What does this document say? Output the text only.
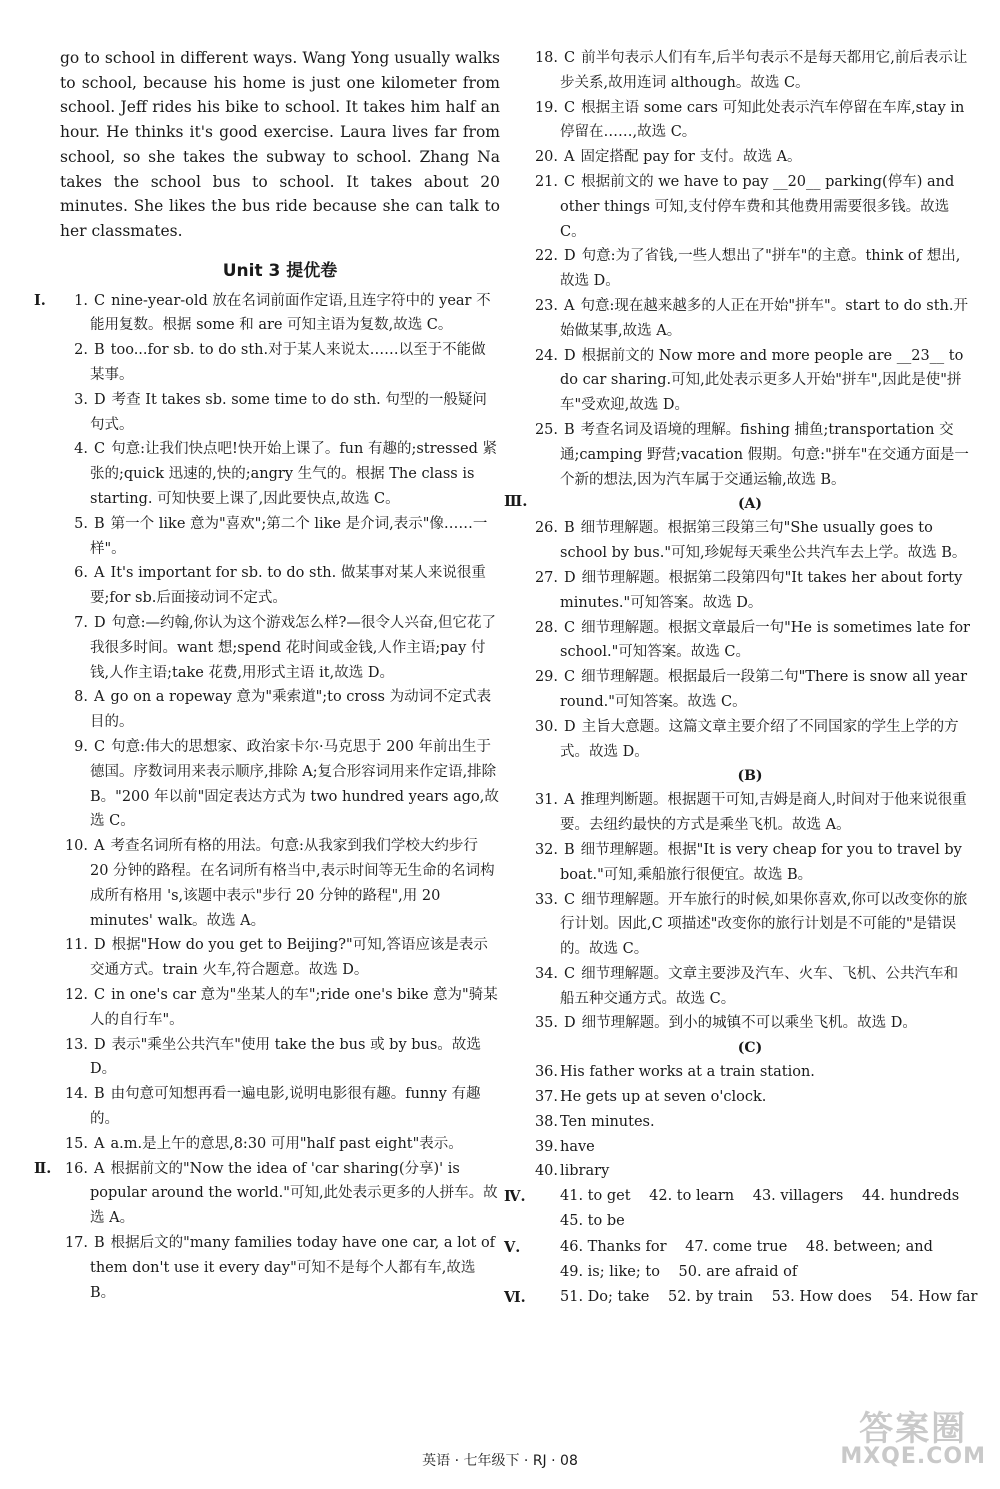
go to school in different ways. Wang Yong usually walks to school, because his home is just one kilometer from school. Jeff rides his bike to school. It takes him half an hour. He thinks it's good exercise. Laura lives far from school, so she takes the subway to school. Zhang Na takes the school bus to school. It takes about 20 minutes. She likes the bus ride because she can talk to her classmates.

Unit 3 提优卷

Ⅰ.	1. C nine-year-old 放在名词前面作定语,且连字符中的 year 不能用复数。根据 some 和 are 可知主语为复数,故选 C。

2. B too...for sb. to do sth.对于某人来说太……以至于不能做某事。

3. D 考查 It takes sb. some time to do sth. 句型的一般疑问句式。

4. C 句意:让我们快点吧!快开始上课了。fun 有趣的;stressed 紧张的;quick 迅速的,快的;angry 生气的。根据 The class is starting. 可知快要上课了,因此要快点,故选 C。

5. B 第一个 like 意为"喜欢";第二个 like 是介词,表示"像……一样"。

6. A It's important for sb. to do sth. 做某事对某人来说很重要;for sb.后面接动词不定式。

7. D 句意:—约翰,你认为这个游戏怎么样?—很令人兴奋,但它花了我很多时间。want 想;spend 花时间或金钱,人作主语;pay 付钱,人作主语;take 花费,用形式主语 it,故选 D。

8. A go on a ropeway 意为"乘索道";to cross 为动词不定式表目的。

9. C 句意:伟大的思想家、政治家卡尔·马克思于 200 年前出生于德国。序数词用来表示顺序,排除 A;复合形容词用来作定语,排除 B。"200 年以前"固定表达方式为 two hundred years ago,故选 C。

10. A 考查名词所有格的用法。句意:从我家到我们学校大约步行 20 分钟的路程。在名词所有格当中,表示时间等无生命的名词构成所有格用 's,该题中表示"步行 20 分钟的路程",用 20 minutes' walk。故选 A。

11. D 根据"How do you get to Beijing?"可知,答语应该是表示交通方式。train 火车,符合题意。故选 D。

12. C in one's car 意为"坐某人的车";ride one's bike 意为"骑某人的自行车"。

13. D 表示"乘坐公共汽车"使用 take the bus 或 by bus。故选 D。

14. B 由句意可知想再看一遍电影,说明电影很有趣。funny 有趣的。

15. A a.m.是上午的意思,8:30 可用"half past eight"表示。

Ⅱ. 16. A 根据前文的"Now the idea of 'car sharing(分享)' is popular around the world."可知,此处表示更多的人拼车。故选 A。

17. B 根据后文的"many families today have one car, a lot of them don't use it every day"可知不是每个人都有车,故选 B。

18. C 前半句表示人们有车,后半句表示不是每天都用它,前后表示让步关系,故用连词 although。故选 C。

19. C 根据主语 some cars 可知此处表示汽车停留在车库,stay in 停留在……,故选 C。

20. A 固定搭配 pay for 支付。故选 A。

21. C 根据前文的 we have to pay __20__ parking(停车) and other things 可知,支付停车费和其他费用需要很多钱。故选 C。

22. D 句意:为了省钱,一些人想出了"拼车"的主意。think of 想出,故选 D。

23. A 句意:现在越来越多的人正在开始"拼车"。start to do sth.开始做某事,故选 A。

24. D 根据前文的 Now more and more people are __23__ to do car sharing.可知,此处表示更多人开始"拼车",因此是使"拼车"受欢迎,故选 D。

25. B 考查名词及语境的理解。fishing 捕鱼;transportation 交通;camping 野营;vacation 假期。句意:"拼车"在交通方面是一个新的想法,因为汽车属于交通运输,故选 B。

Ⅲ.	(A)

26. B 细节理解题。根据第三段第三句"She usually goes to school by bus."可知,珍妮每天乘坐公共汽车去上学。故选 B。

27. D 细节理解题。根据第二段第四句"It takes her about forty minutes."可知答案。故选 D。

28. C 细节理解题。根据文章最后一句"He is sometimes late for school."可知答案。故选 C。

29. C 细节理解题。根据最后一段第二句"There is snow all year round."可知答案。故选 C。

30. D 主旨大意题。这篇文章主要介绍了不同国家的学生上学的方式。故选 D。

(B)

31. A 推理判断题。根据题干可知,吉姆是商人,时间对于他来说很重要。去纽约最快的方式是乘坐飞机。故选 A。

32. B 细节理解题。根据"It is very cheap for you to travel by boat."可知,乘船旅行很便宜。故选 B。

33. C 细节理解题。开车旅行的时候,如果你喜欢,你可以改变你的旅行计划。因此,C 项描述"改变你的旅行计划是不可能的"是错误的。故选 C。

34. C 细节理解题。文章主要涉及汽车、火车、飞机、公共汽车和船五种交通方式。故选 C。

35. D 细节理解题。到小的城镇不可以乘坐飞机。故选 D。

(C)

36. His father works at a train station.

37. He gets up at seven o'clock.

38. Ten minutes.

39. have

40. library

Ⅳ. 41. to get 42. to learn 43. villagers 44. hundreds
45. to be
Ⅴ.	46. Thanks for 47. come true 48. between; and
49. is; like; to 50. are afraid of
Ⅵ. 51. Do; take 52. by train 53. How does 54. How far
英语 · 七年级下 · RJ · 08
答案圈
MXQE.COM
